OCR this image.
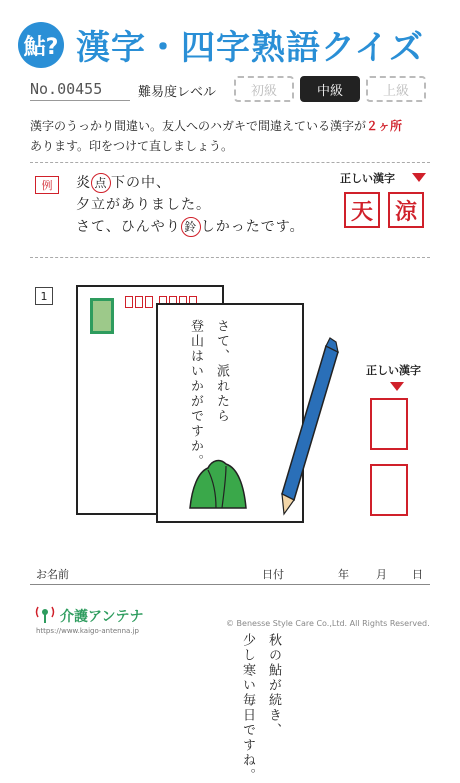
鮎? 漢字・四字熟語クイズ
No.00455	難易度レベル	初級	中級	上級
漢字のうっかり間違い。友人へのハガキで間違えている漢字が２ヶ所
あります。印をつけて直しましょう。
例	炎 点 下の中、
夕立がありました。
さて、ひんやり 鈴 しかったです。
正しい漢字
天 涼
1
秋の鮎が続き、
少し寒い毎日ですね。
さて、派れたら
登山はいかがですか。	正しい漢字
お名前	日付	年 月 日
介護アンテナ
https://www.kaigo-antenna.jp
© Benesse Style Care Co.,Ltd. All Rights Reserved.
